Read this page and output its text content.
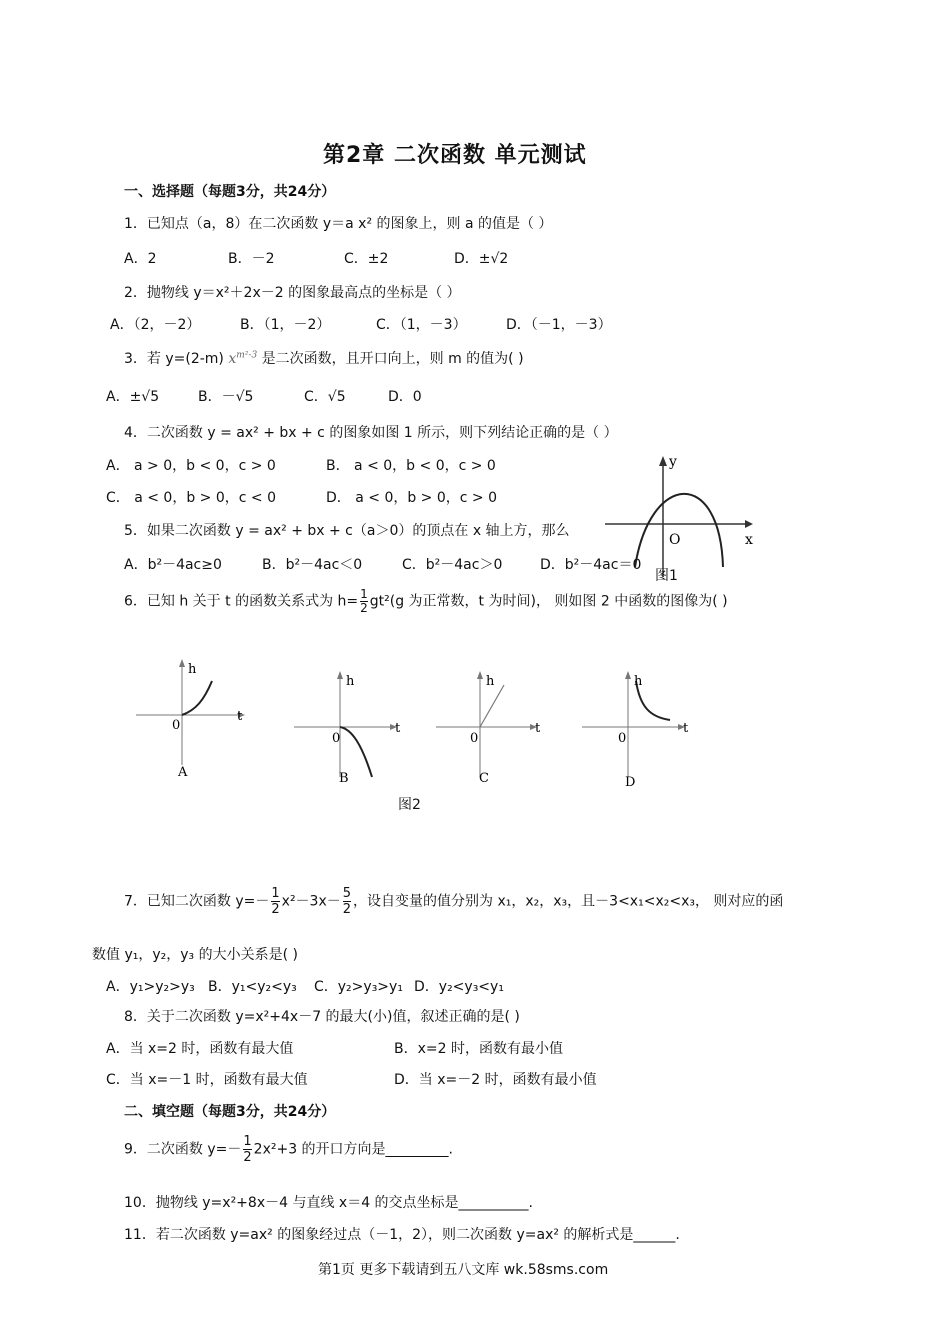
第2章 二次函数 单元测试
一、选择题（每题3分，共24分）
1．已知点（a，8）在二次函数 y＝a x² 的图象上，则 a 的值是（ ）
A．2	B．－2	C．±2	D．±√2
2．抛物线 y＝x²＋2x－2 的图象最高点的坐标是（ ）
A．（2，－2）	B．（1，－2）	C．（1，－3）	D．（－1，－3）
3．若 y=(2-m) $x^{m^2-3}$ 是二次函数，且开口向上，则 m 的值为( )
A．±√5	B．－√5	C．√5	D．0
4．二次函数 y = ax² + bx + c 的图象如图 1 所示，则下列结论正确的是（ ）
A． a > 0，b < 0，c > 0	B． a < 0，b < 0，c > 0
C． a < 0，b > 0，c < 0	D． a < 0，b > 0，c > 0
y
x
O
图1
5．如果二次函数 y = ax² + bx + c（a＞0）的顶点在 x 轴上方，那么
A．b²－4ac≥0	B．b²－4ac＜0	C．b²－4ac＞0	D．b²－4ac＝0
6．已知 h 关于 t 的函数关系式为 $h= \frac{1}{2} gt^2(g$ 为正常数，t 为时间)， 则如图 2 中函数的图像为( )
h
t
0
A
h
t
0
B
h
t
0
C
h
t
0
D
图2
7．已知二次函数 $y=- \frac{1}{2} x^2-3x- \frac{5}{2}$ ，设自变量的值分别为 x₁，x₂，x₃，且－3<x₁<x₂<x₃， 则对应的函
数值 y₁，y₂，y₃ 的大小关系是( )
A．y₁>y₂>y₃ B．y₁<y₂<y₃ C．y₂>y₃>y₁ D．y₂<y₃<y₁
8．关于二次函数 y=x²+4x－7 的最大(小)值，叙述正确的是( )
A．当 x=2 时，函数有最大值	B．x=2 时，函数有最小值
C．当 x=－1 时，函数有最大值	D．当 x=－2 时，函数有最小值
二、填空题（每题3分，共24分）
9．二次函数 $y=- \frac{1}{2} 2x^2+3$ 的开口方向是_________.
10．抛物线 y=x²+8x－4 与直线 x＝4 的交点坐标是__________.
11．若二次函数 y=ax² 的图象经过点（－1，2），则二次函数 y=ax² 的解析式是______.
第1页 更多下载请到五八文库 wk.58sms.com
